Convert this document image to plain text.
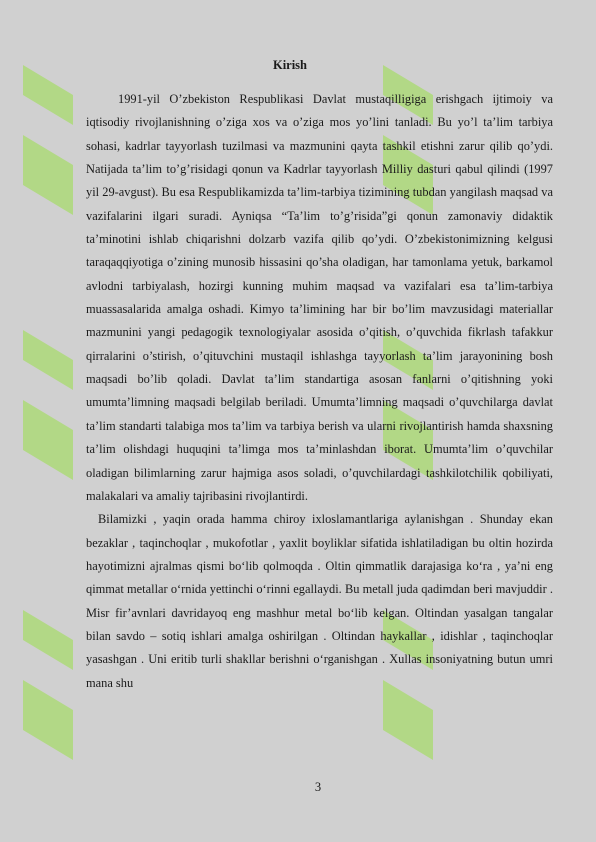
Kirish

1991-yil O’zbekiston Respublikasi Davlat mustaqilligiga erishgach ijtimoiy va iqtisodiy rivojlanishning o’ziga xos va o’ziga mos yo’lini tanladi. Bu yo’l ta’lim tarbiya sohasi, kadrlar tayyorlash tuzilmasi va mazmunini qayta tashkil etishni zarur qilib qo’ydi. Natijada ta’lim to’g’risidagi qonun va Kadrlar tayyorlash Milliy dasturi qabul qilindi (1997 yil 29-avgust). Bu esa Respublikamizda ta’lim-tarbiya tizimining tubdan yangilash maqsad va vazifalarini ilgari suradi. Ayniqsa “Ta’lim to’g’risida”gi qonun zamonaviy didaktik ta’minotini ishlab chiqarishni dolzarb vazifa qilib qo’ydi. O’zbekistonimizning kelgusi taraqaqqiyotiga o’zining munosib hissasini qo’sha oladigan, har tamonlama yetuk, barkamol avlodni tarbiyalash, hozirgi kunning muhim maqsad va vazifalari esa ta’lim-tarbiya muassasalarida amalga oshadi. Kimyo ta’limining har bir bo’lim mavzusidagi materiallar mazmunini yangi pedagogik texnologiyalar asosida o’qitish, o’quvchida fikrlash tafakkur qirralarini o’stirish, o’qituvchini mustaqil ishlashga tayyorlash ta’lim jarayonining bosh maqsadi bo’lib qoladi. Davlat ta’lim standartiga asosan fanlarni o’qitishning yoki umumta’limning maqsadi belgilab beriladi. Umumta’limning maqsadi o’quvchilarga davlat ta’lim standarti talabiga mos ta’lim va tarbiya berish va ularni rivojlantirish hamda shaxsning ta’lim olishdagi huquqini ta’limga mos ta’minlashdan iborat. Umumta’lim o’quvchilar oladigan bilimlarning zarur hajmiga asos soladi, o’quvchilardagi tashkilotchilik qobiliyati, malakalari va amaliy tajribasini rivojlantirdi.

Bilamizki , yaqin orada hamma chiroy ixloslamantlariga aylanishgan . Shunday ekan bezaklar , taqinchoqlar , mukofotlar , yaxlit boyliklar sifatida ishlatiladigan bu oltin hozirda hayotimizni ajralmas qismi bo‘lib qolmoqda . Oltin qimmatlik darajasiga ko‘ra , ya’ni eng qimmat metallar o‘rnida yettinchi o‘rinni egallaydi. Bu metall juda qadimdan beri mavjuddir . Misr fir’avnlari davridayoq eng mashhur metal bo‘lib kelgan. Oltindan yasalgan tangalar bilan savdo – sotiq ishlari amalga oshirilgan . Oltindan haykallar , idishlar , taqinchoqlar yasashgan . Uni eritib turli shakllar berishni o‘rganishgan . Xullas insoniyatning butun umri mana shu

3
